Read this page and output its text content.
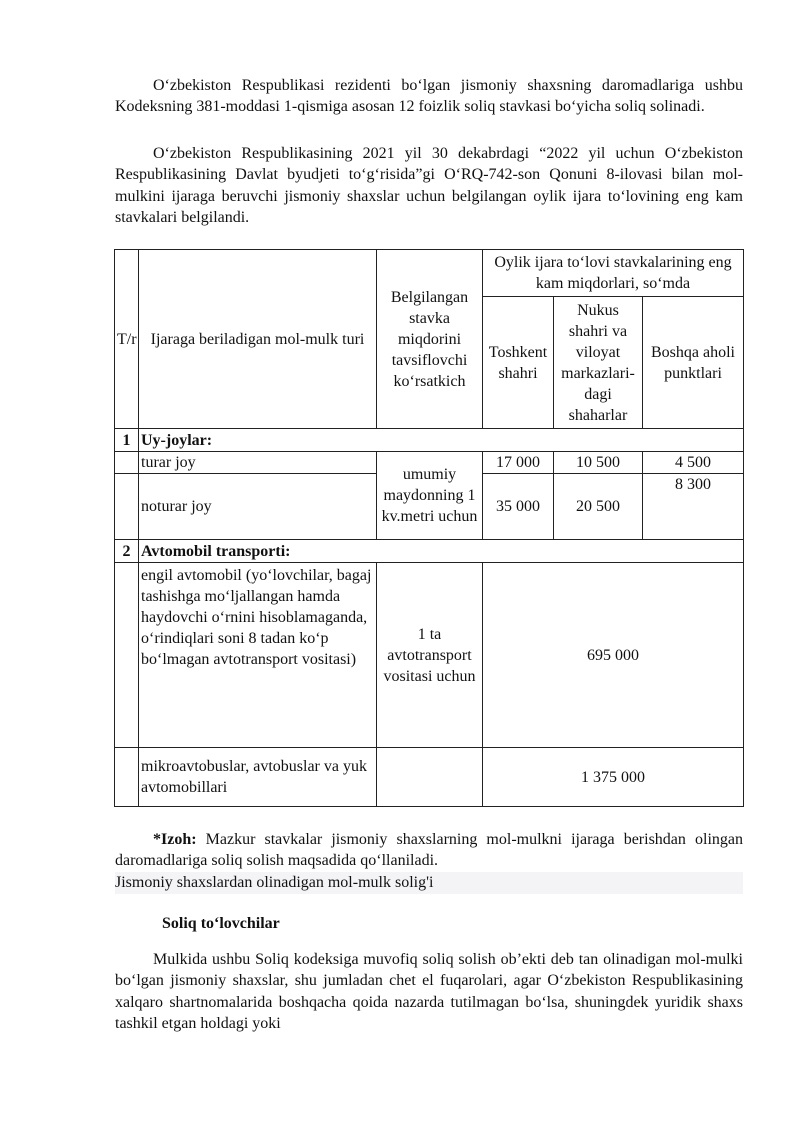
O‘zbekiston Respublikasi rezidenti bo‘lgan jismoniy shaxsning daromadlariga ushbu Kodeksning 381-moddasi 1-qismiga asosan 12 foizlik soliq stavkasi bo‘yicha soliq solinadi.

O‘zbekiston Respublikasining 2021 yil 30 dekabrdagi “2022 yil uchun O‘zbekiston Respublikasining Davlat byudjeti to‘g‘risida”gi O‘RQ-742-son Qonuni 8-ilovasi bilan mol-mulkini ijaraga beruvchi jismoniy shaxslar uchun belgilangan oylik ijara to‘lovining eng kam stavkalari belgilandi.

T/r	Ijaraga beriladigan mol-mulk turi	Belgilangan stavka miqdorini tavsiflovchi ko‘rsatkich	Oylik ijara to‘lovi stavkalarining eng kam miqdorlari, so‘mda		
			Toshkent shahri	Nukus shahri va viloyat markazlari-dagi shaharlar	Boshqa aholi punktlari
1	Uy-joylar:				
	turar joy	umumiy maydonning 1 kv.metri uchun	17 000	10 500	4 500
	noturar joy		35 000	20 500	8 300
2	Avtomobil transporti:				
	engil avtomobil (yo‘lovchilar, bagaj tashishga mo‘ljallangan hamda haydovchi o‘rnini hisoblamaganda, o‘rindiqlari soni 8 tadan ko‘p bo‘lmagan avtotransport vositasi)	1 ta avtotransport vositasi uchun	695 000		
	mikroavtobuslar, avtobuslar va yuk avtomobillari		1 375 000		

*Izoh: Mazkur stavkalar jismoniy shaxslarning mol-mulkni ijaraga berishdan olingan daromadlariga soliq solish maqsadida qo‘llaniladi.

Jismoniy shaxslardan olinadigan mol-mulk solig'i
Soliq to‘lovchilar

Mulkida ushbu Soliq kodeksiga muvofiq soliq solish ob’ekti deb tan olinadigan mol-mulki bo‘lgan jismoniy shaxslar, shu jumladan chet el fuqarolari, agar O‘zbekiston Respublikasining xalqaro shartnomalarida boshqacha qoida nazarda tutilmagan bo‘lsa, shuningdek yuridik shaxs tashkil etgan holdagi yoki
